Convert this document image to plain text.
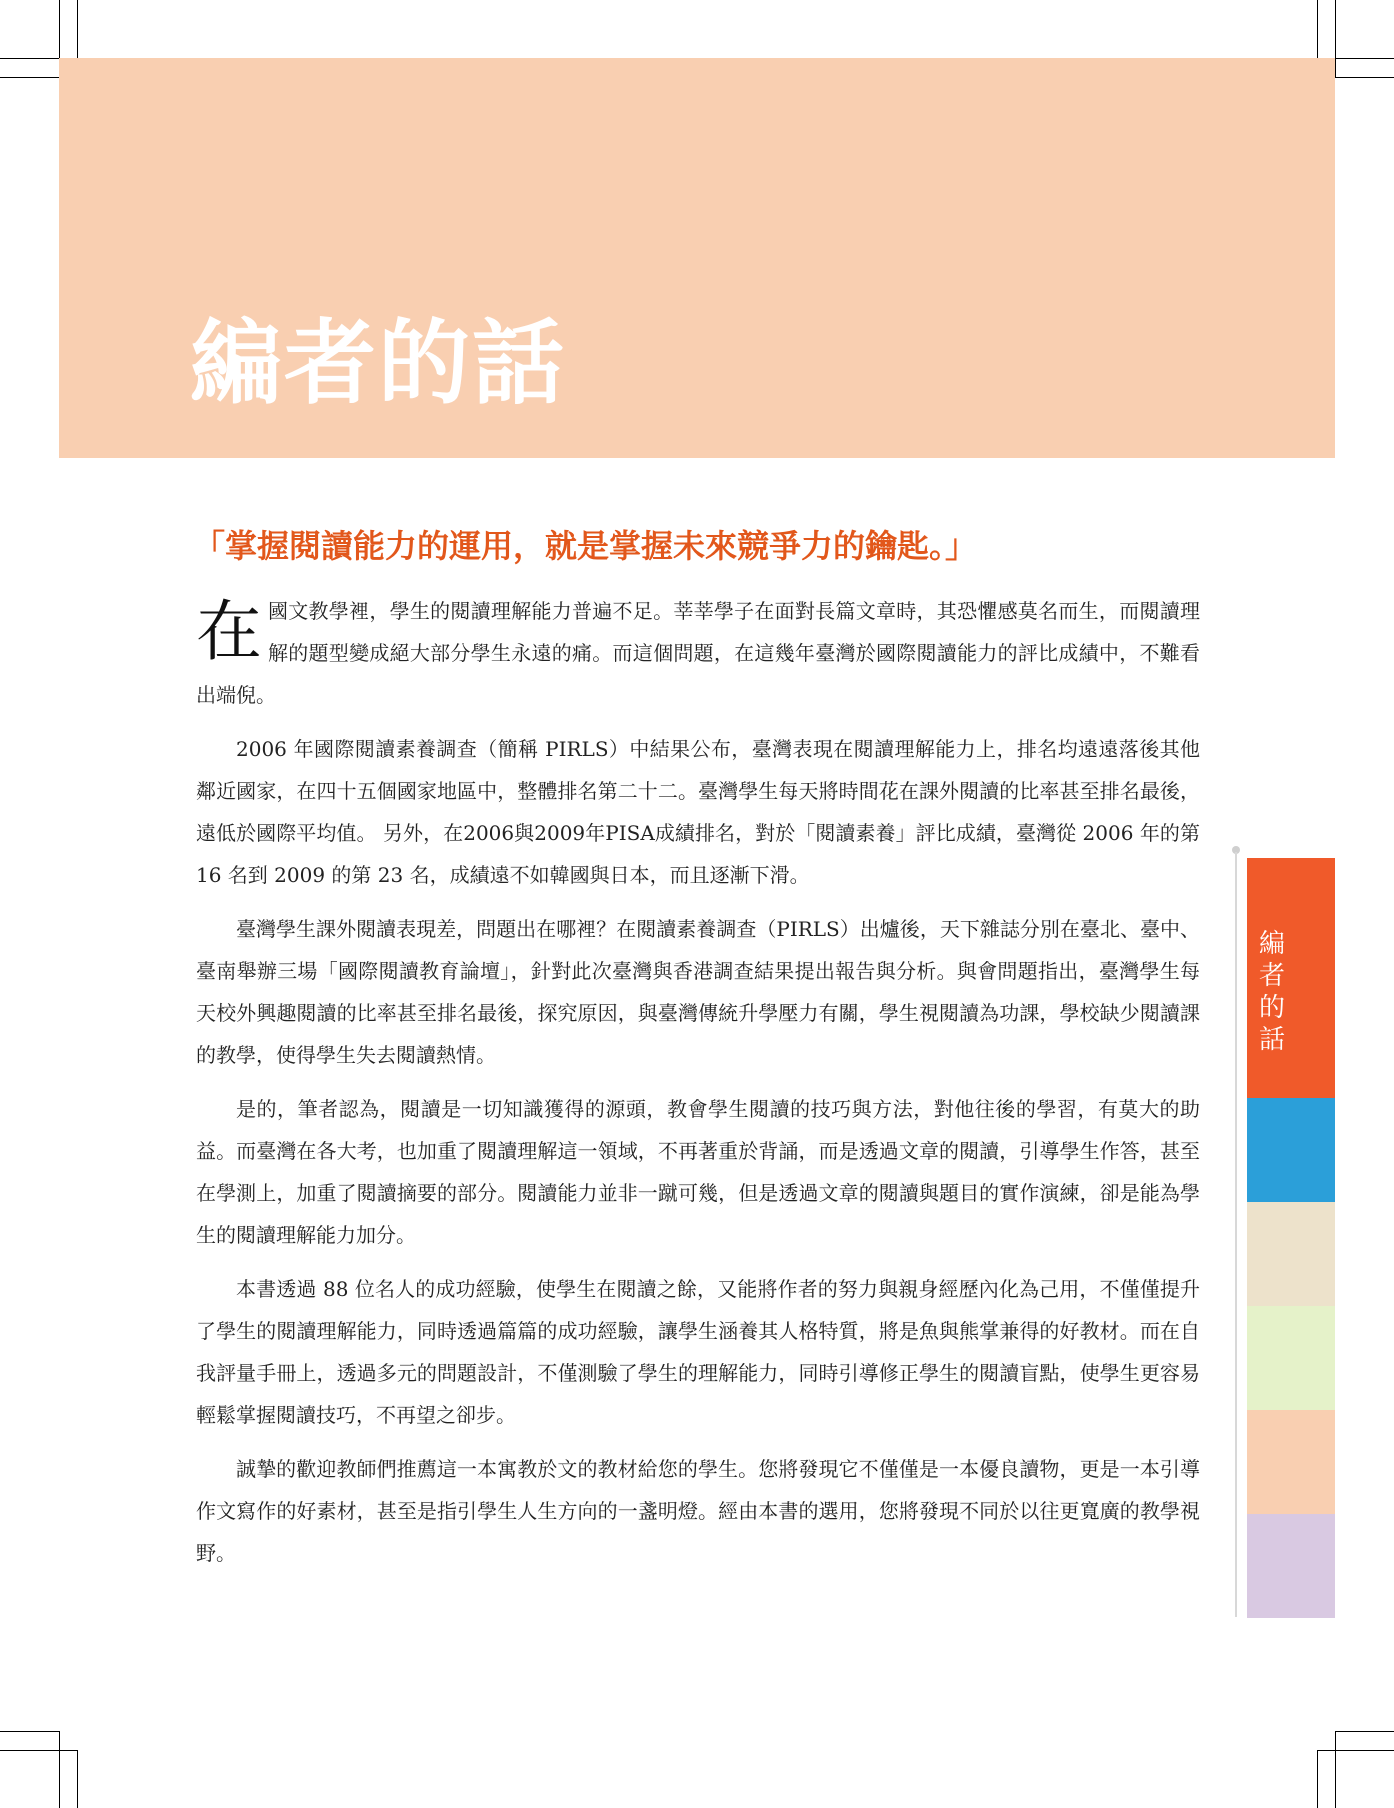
編者的話
「掌握閱讀能力的運用，就是掌握未來競爭力的鑰匙。」

在國文教學裡，學生的閱讀理解能力普遍不足。莘莘學子在面對長篇文章時，其恐懼感莫名而生，而閱讀理解的題型變成絕大部分學生永遠的痛。而這個問題，在這幾年臺灣於國際閱讀能力的評比成績中，不難看出端倪。

2006 年國際閱讀素養調查（簡稱 PIRLS）中結果公布，臺灣表現在閱讀理解能力上，排名均遠遠落後其他鄰近國家，在四十五個國家地區中，整體排名第二十二。臺灣學生每天將時間花在課外閱讀的比率甚至排名最後，遠低於國際平均值。 另外，在2006與2009年PISA成績排名，對於「閱讀素養」評比成績，臺灣從 2006 年的第 16 名到 2009 的第 23 名，成績遠不如韓國與日本，而且逐漸下滑。

臺灣學生課外閱讀表現差，問題出在哪裡？在閱讀素養調查（PIRLS）出爐後，天下雜誌分別在臺北、臺中、臺南舉辦三場「國際閱讀教育論壇」，針對此次臺灣與香港調查結果提出報告與分析。與會問題指出，臺灣學生每天校外興趣閱讀的比率甚至排名最後，探究原因，與臺灣傳統升學壓力有關，學生視閱讀為功課，學校缺少閱讀課的教學，使得學生失去閱讀熱情。

是的，筆者認為，閱讀是一切知識獲得的源頭，教會學生閱讀的技巧與方法，對他往後的學習，有莫大的助益。而臺灣在各大考，也加重了閱讀理解這一領域，不再著重於背誦，而是透過文章的閱讀，引導學生作答，甚至在學測上，加重了閱讀摘要的部分。閱讀能力並非一蹴可幾，但是透過文章的閱讀與題目的實作演練，卻是能為學生的閱讀理解能力加分。

本書透過 88 位名人的成功經驗，使學生在閱讀之餘，又能將作者的努力與親身經歷內化為己用，不僅僅提升了學生的閱讀理解能力，同時透過篇篇的成功經驗，讓學生涵養其人格特質，將是魚與熊掌兼得的好教材。而在自我評量手冊上，透過多元的問題設計，不僅測驗了學生的理解能力，同時引導修正學生的閱讀盲點，使學生更容易輕鬆掌握閱讀技巧，不再望之卻步。

誠摯的歡迎教師們推薦這一本寓教於文的教材給您的學生。您將發現它不僅僅是一本優良讀物，更是一本引導作文寫作的好素材，甚至是指引學生人生方向的一盞明燈。經由本書的選用，您將發現不同於以往更寬廣的教學視野。

編者的話
